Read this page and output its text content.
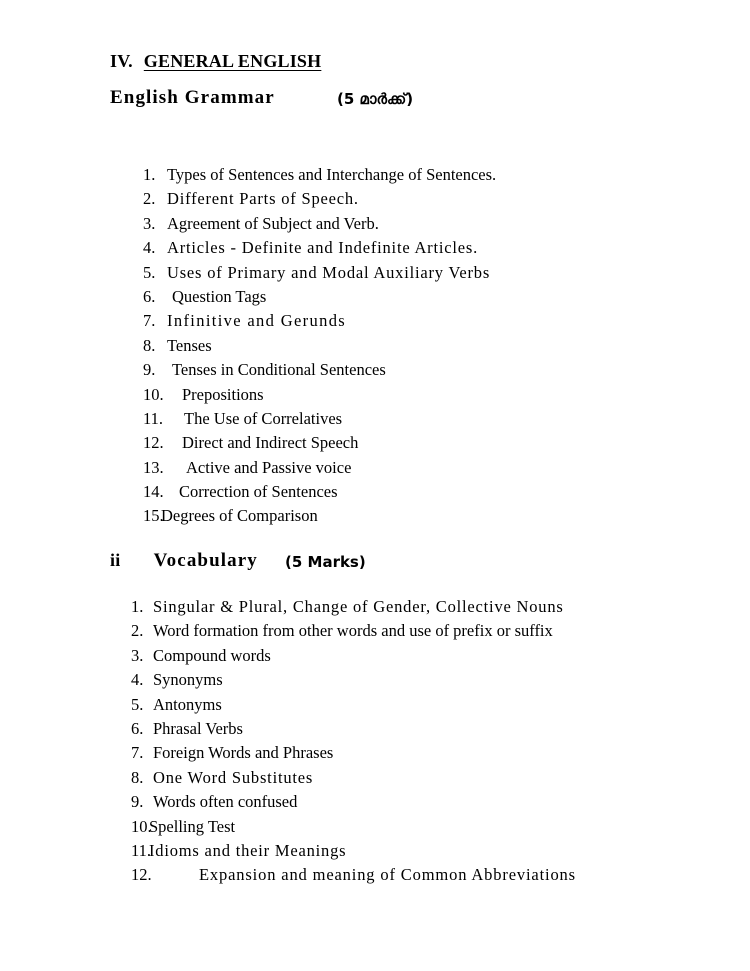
IV. GENERAL ENGLISH
English Grammar	(5 മാർക്ക്)
1. Types of Sentences and Interchange of Sentences.
2. Different Parts of Speech.
3. Agreement of Subject and Verb.
4. Articles - Definite and Indefinite Articles.
5. Uses of Primary and Modal Auxiliary Verbs
6. Question Tags
7. Infinitive and Gerunds
8. Tenses
9. Tenses in Conditional Sentences
10. Prepositions
11. The Use of Correlatives
12. Direct and Indirect Speech
13. Active and Passive voice
14. Correction of Sentences
15.
Degrees of Comparison
ii Vocabulary (5 Marks)
1. Singular & Plural, Change of Gender, Collective Nouns
2. Word formation from other words and use of prefix or suffix
3. Compound words
4. Synonyms
5. Antonyms
6. Phrasal Verbs
7. Foreign Words and Phrases
8. One Word Substitutes
9. Words often confused
10.
Spelling Test
11.
Idioms and their Meanings
12.	Expansion and meaning of Common Abbreviations
